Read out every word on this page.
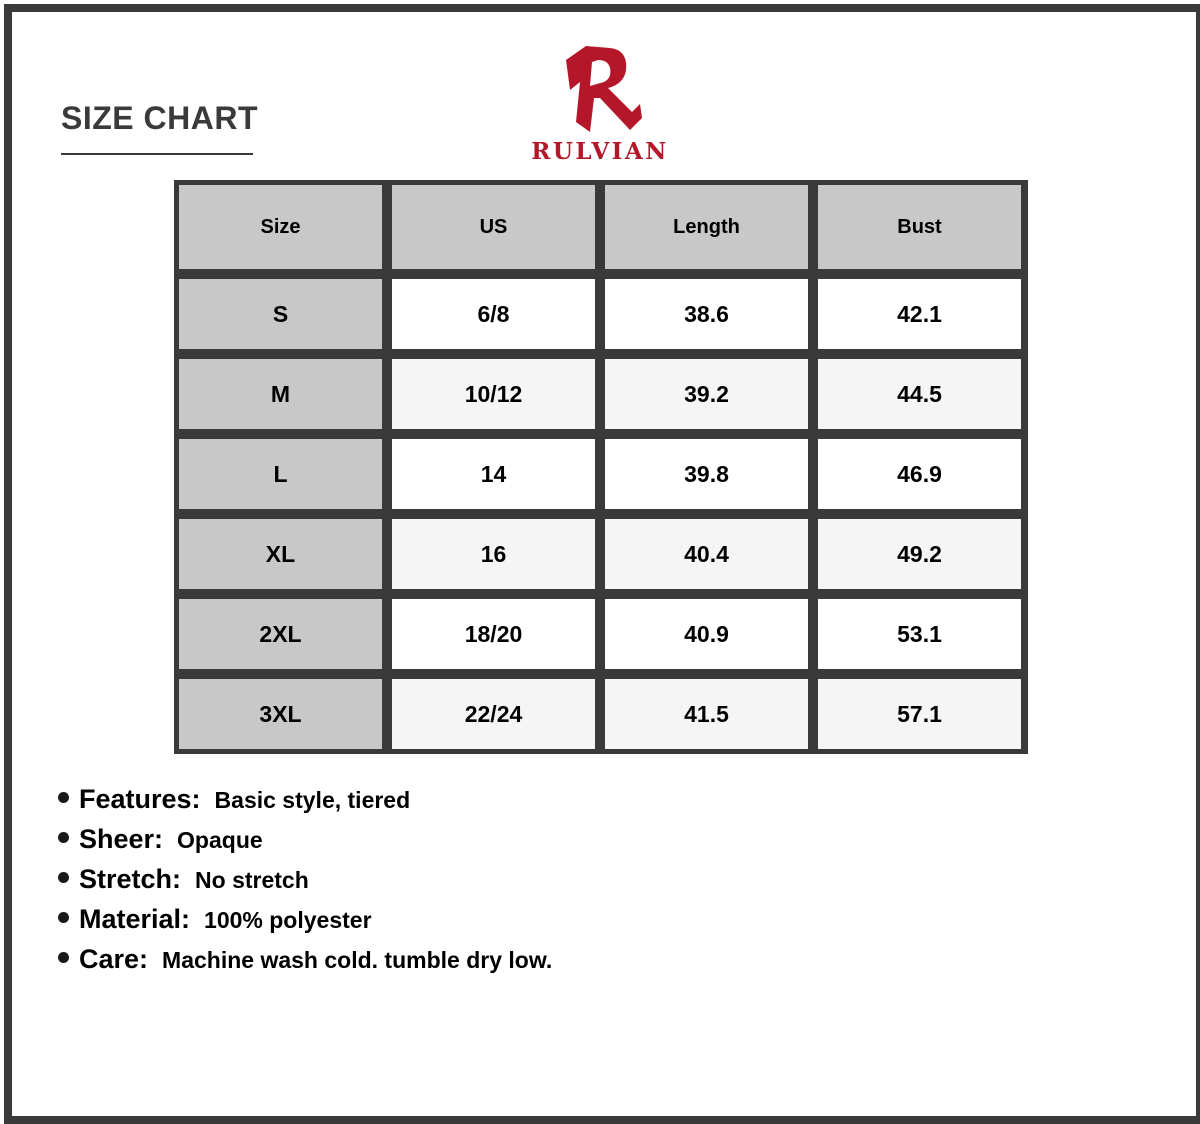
SIZE CHART
RULVIAN
Size	US	Length	Bust
S	6/8	38.6	42.1
M	10/12	39.2	44.5
L	14	39.8	46.9
XL	16	40.4	49.2
2XL	18/20	40.9	53.1
3XL	22/24	41.5	57.1
Features: Basic style, tiered
Sheer: Opaque
Stretch: No stretch
Material: 100% polyester
Care: Machine wash cold. tumble dry low.
